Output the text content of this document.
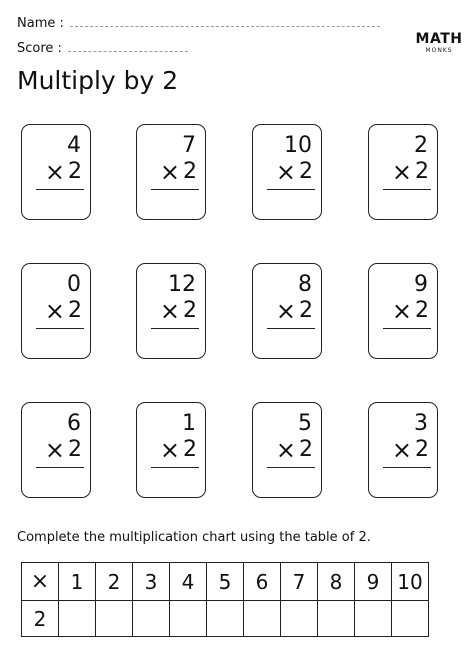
Name :
Score :
MATH
MONKS
Multiply by 2
4
× 2
7
× 2
10
× 2
2
× 2
0
× 2
12
× 2
8
× 2
9
× 2
6
× 2
1
× 2
5
× 2
3
× 2
Complete the multiplication chart using the table of 2.
×	1	2	3	4	5	6	7	8	9	10
2										
